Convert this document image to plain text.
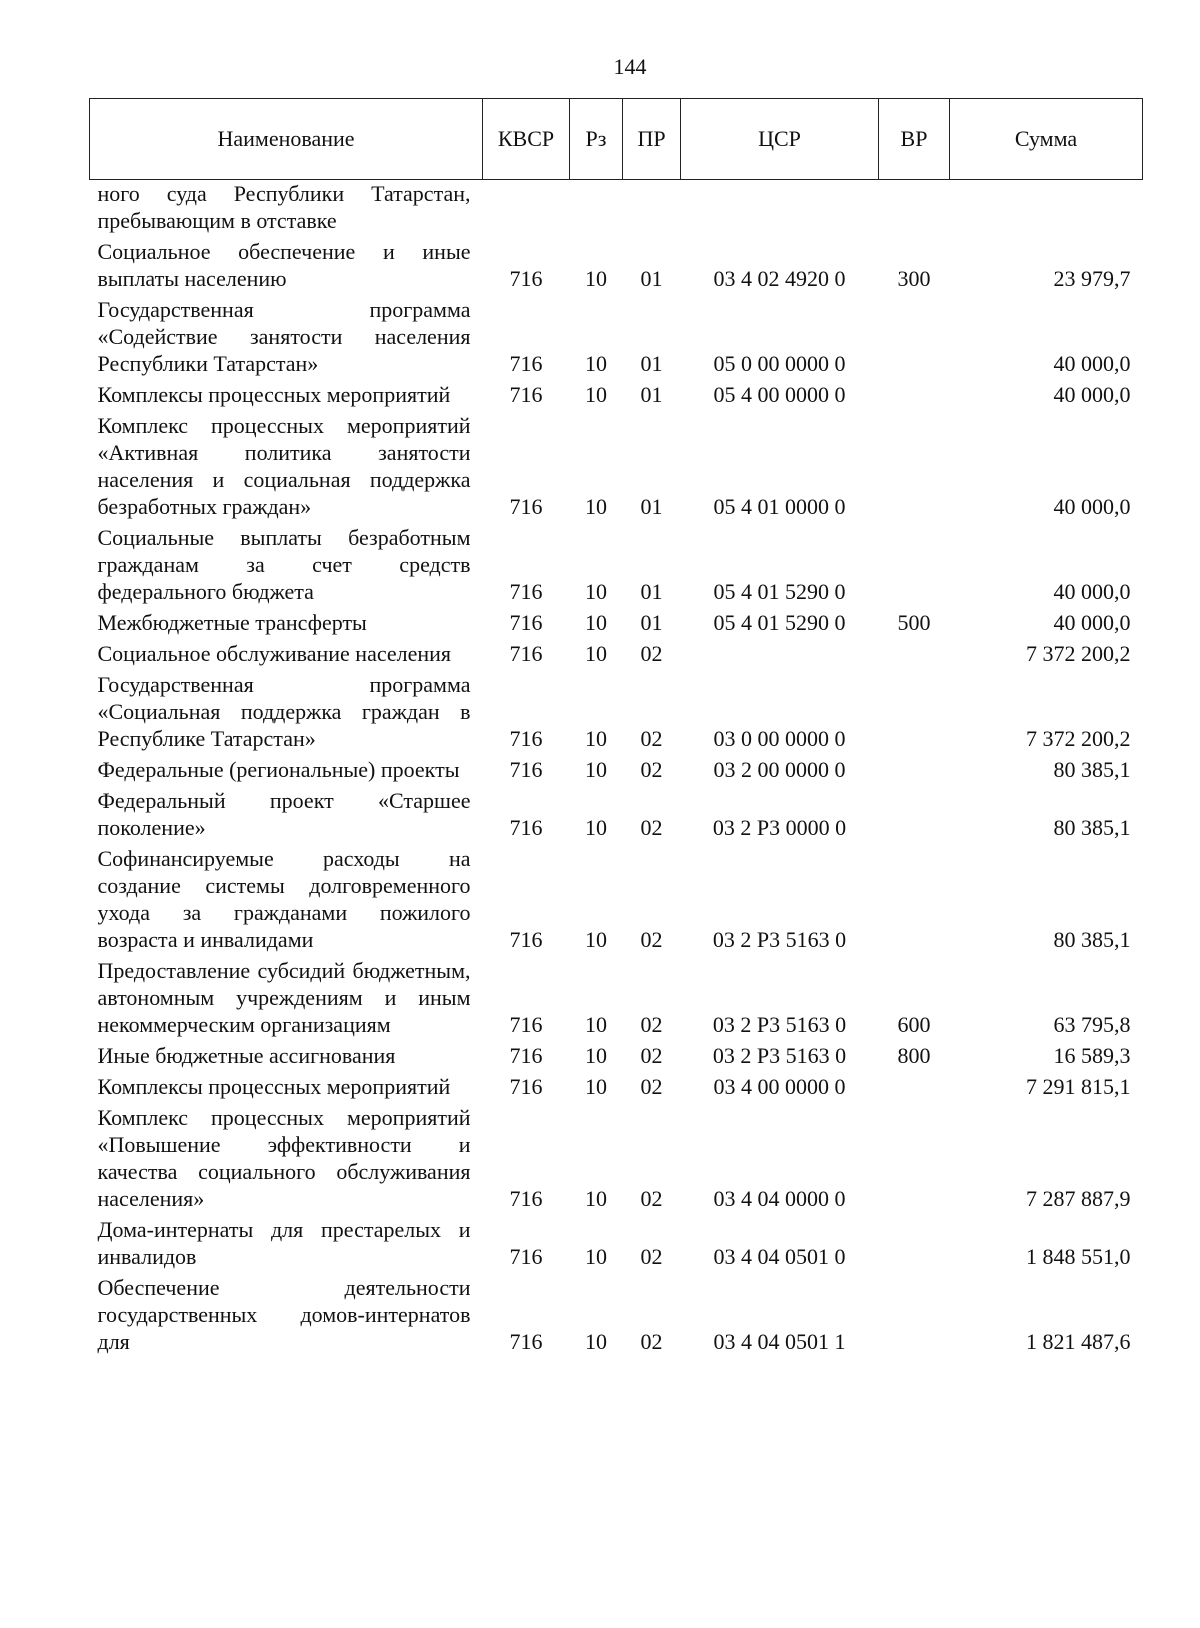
144
Наименование	КВСР	Рз	ПР	ЦСР	ВР	Сумма
ного суда Республики Татарстан, пребывающим в отставке						
Социальное обеспечение и иные выплаты населению	716	10	01	03 4 02 4920 0	300	23 979,7
Государственная программа «Содействие занятости населения Республики Татарстан»	716	10	01	05 0 00 0000 0		40 000,0
Комплексы процессных мероприятий	716	10	01	05 4 00 0000 0		40 000,0
Комплекс процессных мероприятий «Активная политика занятости населения и социальная поддержка безработных граждан»	716	10	01	05 4 01 0000 0		40 000,0
Социальные выплаты безработным гражданам за счет средств федерального бюджета	716	10	01	05 4 01 5290 0		40 000,0
Межбюджетные трансферты	716	10	01	05 4 01 5290 0	500	40 000,0
Социальное обслуживание населения	716	10	02			7 372 200,2
Государственная программа «Социальная поддержка граждан в Республике Татарстан»	716	10	02	03 0 00 0000 0		7 372 200,2
Федеральные (региональные) проекты	716	10	02	03 2 00 0000 0		80 385,1
Федеральный проект «Старшее поколение»	716	10	02	03 2 P3 0000 0		80 385,1
Софинансируемые расходы на создание системы долговременного ухода за гражданами пожилого возраста и инвалидами	716	10	02	03 2 P3 5163 0		80 385,1
Предоставление субсидий бюджетным, автономным учреждениям и иным некоммерческим организациям	716	10	02	03 2 P3 5163 0	600	63 795,8
Иные бюджетные ассигнования	716	10	02	03 2 P3 5163 0	800	16 589,3
Комплексы процессных мероприятий	716	10	02	03 4 00 0000 0		7 291 815,1
Комплекс процессных мероприятий «Повышение эффективности и качества социального обслуживания населения»	716	10	02	03 4 04 0000 0		7 287 887,9
Дома-интернаты для престарелых и инвалидов	716	10	02	03 4 04 0501 0		1 848 551,0
Обеспечение деятельности государственных домов-интернатов для	716	10	02	03 4 04 0501 1		1 821 487,6
